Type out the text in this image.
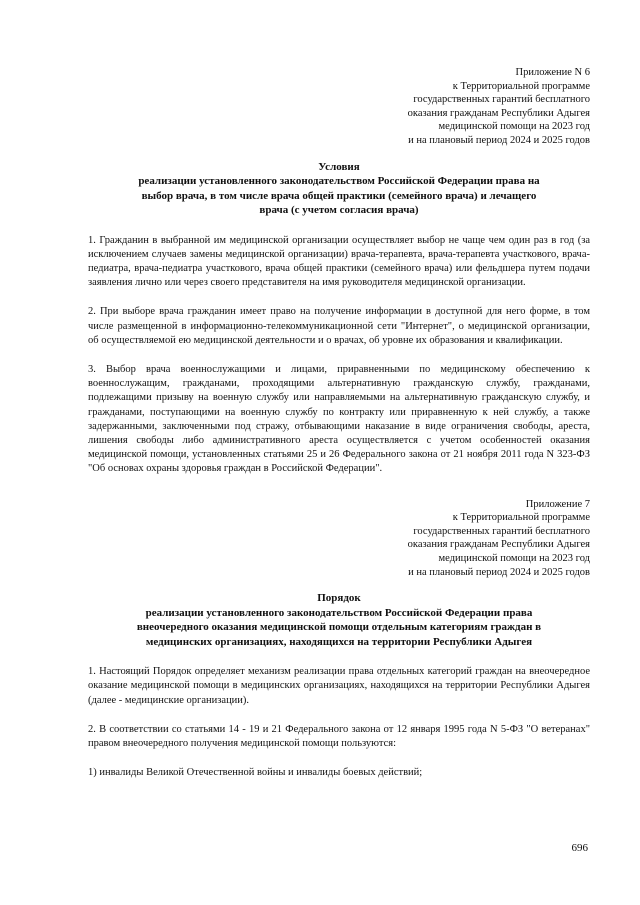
Приложение N 6
к Территориальной программе
государственных гарантий бесплатного
оказания гражданам Республики Адыгея
медицинской помощи на 2023 год
и на плановый период 2024 и 2025 годов
Условия
реализации установленного законодательством Российской Федерации права на
выбор врача, в том числе врача общей практики (семейного врача) и лечащего
врача (с учетом согласия врача)

1. Гражданин в выбранной им медицинской организации осуществляет выбор не чаще чем один раз в год (за исключением случаев замены медицинской организации) врача-терапевта, врача-терапевта участкового, врача-педиатра, врача-педиатра участкового, врача общей практики (семейного врача) или фельдшера путем подачи заявления лично или через своего представителя на имя руководителя медицинской организации.

2. При выборе врача гражданин имеет право на получение информации в доступной для него форме, в том числе размещенной в информационно-телекоммуникационной сети "Интернет", о медицинской организации, об осуществляемой ею медицинской деятельности и о врачах, об уровне их образования и квалификации.

3. Выбор врача военнослужащими и лицами, приравненными по медицинскому обеспечению к военнослужащим, гражданами, проходящими альтернативную гражданскую службу, гражданами, подлежащими призыву на военную службу или направляемыми на альтернативную гражданскую службу, и гражданами, поступающими на военную службу по контракту или приравненную к ней службу, а также задержанными, заключенными под стражу, отбывающими наказание в виде ограничения свободы, ареста, лишения свободы либо административного ареста осуществляется с учетом особенностей оказания медицинской помощи, установленных статьями 25 и 26 Федерального закона от 21 ноября 2011 года N 323-ФЗ "Об основах охраны здоровья граждан в Российской Федерации".

Приложение 7
к Территориальной программе
государственных гарантий бесплатного
оказания гражданам Республики Адыгея
медицинской помощи на 2023 год
и на плановый период 2024 и 2025 годов
Порядок
реализации установленного законодательством Российской Федерации права
внеочередного оказания медицинской помощи отдельным категориям граждан в
медицинских организациях, находящихся на территории Республики Адыгея

1. Настоящий Порядок определяет механизм реализации права отдельных категорий граждан на внеочередное оказание медицинской помощи в медицинских организациях, находящихся на территории Республики Адыгея (далее - медицинские организации).

2. В соответствии со статьями 14 - 19 и 21 Федерального закона от 12 января 1995 года N 5-ФЗ "О ветеранах" правом внеочередного получения медицинской помощи пользуются:

1) инвалиды Великой Отечественной войны и инвалиды боевых действий;

696
